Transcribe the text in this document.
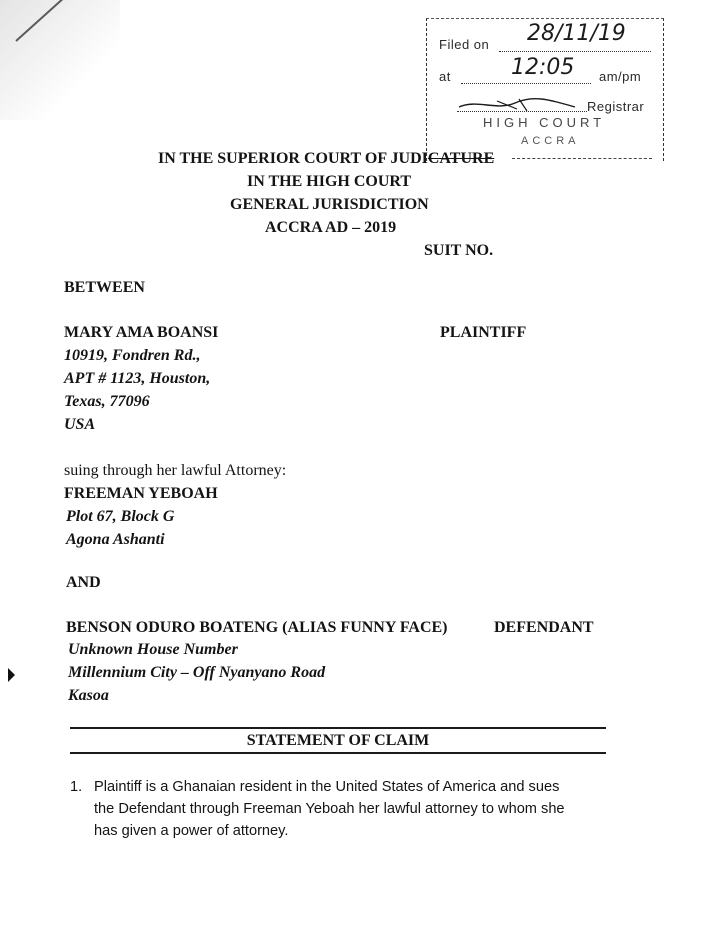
Filed on 28/11/19
at	12:05 am/pm
Registrar
HIGH COURT
ACCRA
IN THE SUPERIOR COURT OF JUDICATURE
IN THE HIGH COURT
GENERAL JURISDICTION
ACCRA AD – 2019
SUIT NO.
BETWEEN
MARY AMA BOANSI	PLAINTIFF
10919, Fondren Rd.,
APT # 1123, Houston,
Texas, 77096
USA
suing through her lawful Attorney:
FREEMAN YEBOAH
Plot 67, Block G
Agona Ashanti
AND
BENSON ODURO BOATENG (ALIAS FUNNY FACE)	DEFENDANT
Unknown House Number
Millennium City – Off Nyanyano Road
Kasoa
STATEMENT OF CLAIM
1. Plaintiff is a Ghanaian resident in the United States of America and sues
the Defendant through Freeman Yeboah her lawful attorney to whom she
has given a power of attorney.
